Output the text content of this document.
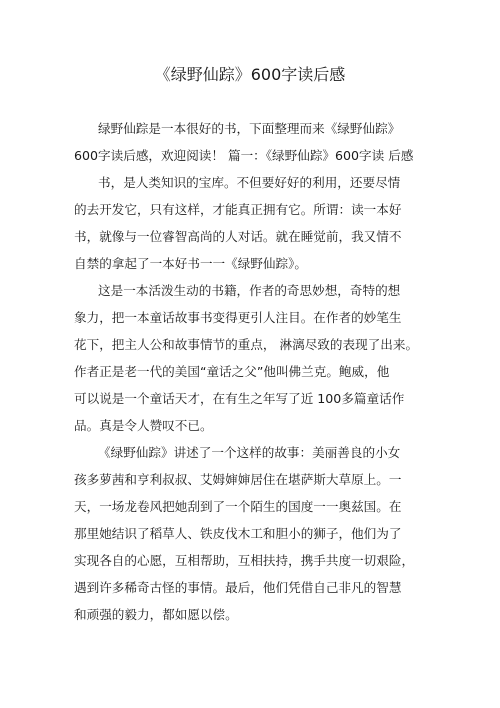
《绿野仙踪》600字读后感
绿野仙踪是一本很好的书，下面整理而来《绿野仙踪》
600字读后感，欢迎阅读！ 篇一：《绿野仙踪》600字读 后感
书，是人类知识的宝库。不但要好好的利用，还要尽情
的去开发它，只有这样，才能真正拥有它。所谓：读一本好
书，就像与一位睿智高尚的人对话。就在睡觉前，我又情不
自禁的拿起了一本好书一一《绿野仙踪》。
这是一本活泼生动的书籍，作者的奇思妙想，奇特的想
象力，把一本童话故事书变得更引人注目。在作者的妙笔生
花下，把主人公和故事情节的重点， 淋漓尽致的表现了出来。
作者正是老一代的美国“童话之父”他叫佛兰克。鲍威，他
可以说是一个童话天才，在有生之年写了近 100多篇童话作
品。真是令人赞叹不已。
《绿野仙踪》讲述了一个这样的故事：美丽善良的小女
孩多萝茜和亨利叔叔、艾姆婶婶居住在堪萨斯大草原上。一
天，一场龙卷风把她刮到了一个陌生的国度一一奥兹国。在
那里她结识了稻草人、铁皮伐木工和胆小的狮子，他们为了
实现各自的心愿，互相帮助，互相扶持，携手共度一切艰险，
遇到许多稀奇古怪的事情。最后，他们凭借自己非凡的智慧
和顽强的毅力，都如愿以偿。
